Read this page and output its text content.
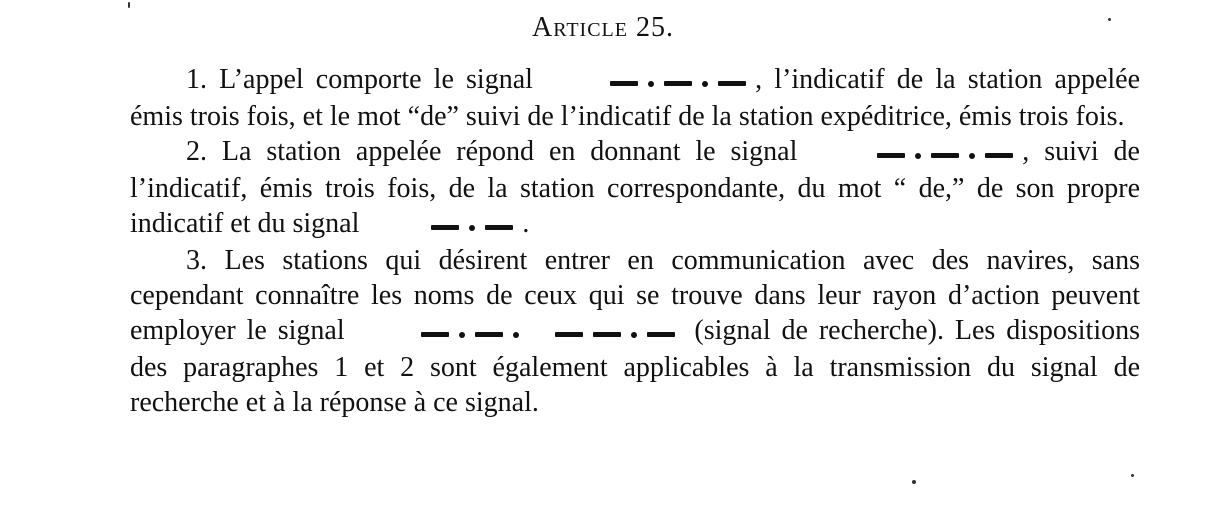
Article 25.

1. L’appel comporte le signal	, l’indicatif de la station appelée émis trois fois, et le mot “de” suivi de l’indicatif de la station expéditrice, émis trois fois.

2. La station appelée répond en donnant le signal	, suivi de l’indicatif, émis trois fois, de la station correspondante, du mot “ de,” de son propre indicatif et du signal	.

3. Les stations qui désirent entrer en communication avec des navires, sans cependant connaître les noms de ceux qui se trouve dans leur rayon d’action peuvent employer le signal	(signal de recherche). Les dispositions des paragraphes 1 et 2 sont également applicables à la transmission du signal de recherche et à la réponse à ce signal.
